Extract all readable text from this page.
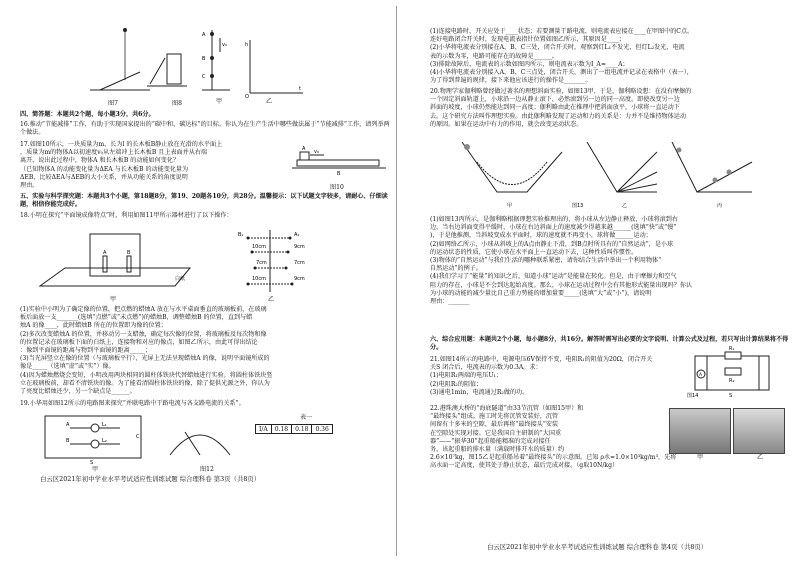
图7	图8
A
B
C
v₀
甲
h
t
O
乙

四、简答题：本题共2个题，每小题3分，共6分。

16.推动“节能减排”工作，有助于实现国家提出的“碳中和、碳达标”的目标。你认为在生产生活中哪些做法属于“节能减排”工作，请列举两个做法。

17.如图10所示，一块质量为m、长为l 的长木板B静止放在光滑的水平面上

，质量为m的物体A以初速度v₀从左端冲上长木板B 且上表面并从右端

离开，说出此过程中，物体A 和长木板B 的动能如何变化？

（已知物体A 的动能变化量为ΔEA 与长木板B 的动能变化量为

ΔEB，比较ΔEA与ΔEB的大小关系，并从功能关系的角度说明

理由。

A
B
v₀
图10

五、实验与科学探究题：本题共3个小题，第18题8分，第19、20题各10分，共28分。温馨提示：以下试题文字较多，请耐心、仔细读题，相信你能完成好。

18.小明在探究“平面镜成像特点”时，利用如图11甲所示器材进行了以下操作：

A	B
白纸
甲
B₁	A₁
10cm	9cm
7cm	7cm
10cm	9cm
乙

(1)实验中小明为了确定像的位置，把点燃的蜡烛A 放在与水平桌面垂直的玻璃板前，在玻璃

板后面放一支_______(选填“点燃”或“未点燃”)的蜡烛B，调整蜡烛B 的位置，直到与蜡

烛A 的像____，此时蜡烛B 所在的位置即为像的位置；

(2)多次改变蜡烛A 的位置，并移动另一支蜡烛，确定每次像的位置，将玻璃板及每次物和像

的位置记录在玻璃板下面的白纸上，连接物和对应的像点，如图乙所示，由此可得出结论

：像到平面镜的距离与物到平面镜的距离_____；

(3)当光屏竖立在像的位置（与玻璃板平行），光屏上无法呈现蜡烛A 的像，说明平面镜所成的

像是_____（选填“虚”或“实”）像。

(4)因为蜡烛燃烧会变短，小明改用两块相同的圆柱体铁块代替蜡烛进行实验。将圆柱体铁块竖

立在玻璃板前，却看不清铁块的像。为了能看清圆柱体铁块的像，除了提供光源之外，你认为

了亮度比蜡烛还少，另一个缺点是______。

19.小华用如图12所示的电路图来探究“并联电路中干路电流与各支路电流的关系”。

L₁
L₂
S
A
B
C
甲	图12
表一
I/A	0.18	0.18	0.36
白云区2021年初中学业水平考试适应性训练试题 综合理科卷 第3页（共8页）

(1)连接电路时，开关应处于____状态；若要测量干路电流，则电流表应接在____在甲图中的C点。

连好电路闭合开关时，发现电流表指针位置如图乙所示，其原因是____；

(2)小华将电流表分别接在A、B、C三处，闭合开关时，观察到灯L₁不发光，但灯L₂发光，电流

表的示数为零，电路可能存在的故障是______。

(3)排除故障后，电流表的示数如图丙所示，则电流表示数为I_A=____A；

(4)小华将电流表分别接入A、B、C三点处，闭合开关，测出了一组电流并记录在表格中（表一），

为了得到普遍的规律，接下来他应该进行的操作是_______。

20.物理学家伽利略曾经做过著名的理想斜面实验，如图13甲，于是，伽利略设想：在没有摩擦的

一个固定斜面轨道上，小球沿一边从静止滚下，必然滚到另一边的同一高度。即使改变另一边

斜面的坡度，小球仍然能达到同一高度；伽利略由此在推理中把斜面放平，小球将一直运动下

去。这个研究方法叫作理想实验。由此伽利略发现了运动和力的关系是：力并不是维持物体运动

的原因。如果在运动中有力的作用，就会改变运动状态。

甲	乙	丙
图13

(1)如图13丙所示，是伽利略根据理想实验推理出的，将小球从左边静止释放，小球将滚到右

边，当右边斜面变得平缓时，小球在右边斜面上的速度减少得越来越______(选填“快”或“慢”

)，于是他推测，当斜坡变成水平面时，球的速度就不再变小，球将做______运动；

(2)如网络乙所示，小球从斜坡上的A点由静止下滑，到B点时所具有的“自然运动”，是小球

的运动状态的性质，它使小球在水平面上一直运动下去，这种性质叫作惯性。

(3)物体的“自然运动”与我们生活的哪种联系紧密，请你结合生活中举出一个利用物体“

自然运动”的例子。

(4)我们学习了“能量”的知识之后，知道小球“运动”是能量在转化。但是，由于摩擦力和空气

阻力的存在，小球是不会到达起始高度。那么，小球在运动过程中会有其他形式能量出现吗？你认

为小球的动能的减少量比自己重力势能的增加量要_____(选填“大”或“小”)，请说明

理由：_______

六、综合应用题：本题共2个小题，每小题8分，共16分。解答时需写出必要的文字说明、计算公式及过程，若只写出计算结果将不得分。

21.如图14所示的电路中，电源电压6V保持不变，电阻R₁的阻值为20Ω，闭合开关

关S 闭合后，电流表的示数为0.3A。求：

(1)电阻R₁两端的电压U₁；

(2)电阻R₂的阻值；

(3)通电1min，电流通过R₂做的功。

R₁
R₂
A
S
图14

22.港珠澳大桥的“海底隧道”由33节沉管（如图15甲）和

“最终接头”组成。施工时先将沉管安装好，沉管

间留有十多米的空隙，最后再将“最终接头”安装

在空隙处实现对接。它是我国自主研制的“大国重

器”——“振华30”起重船能精准的完成对接任

务，该起重船的排水量（满载时排开水的质量）约

2.6×10⁷kg，图15乙是起重船吊着“最终接头”的示意图。已知 ρ水=1.0×10³kg/m³，先将

高水面一定高度，使其处于静止状态，最后完成对接。（g取10N/kg）

甲	乙
白云区2021年初中学业水平考试适应性训练试题 综合理科卷 第4页（共8页）
